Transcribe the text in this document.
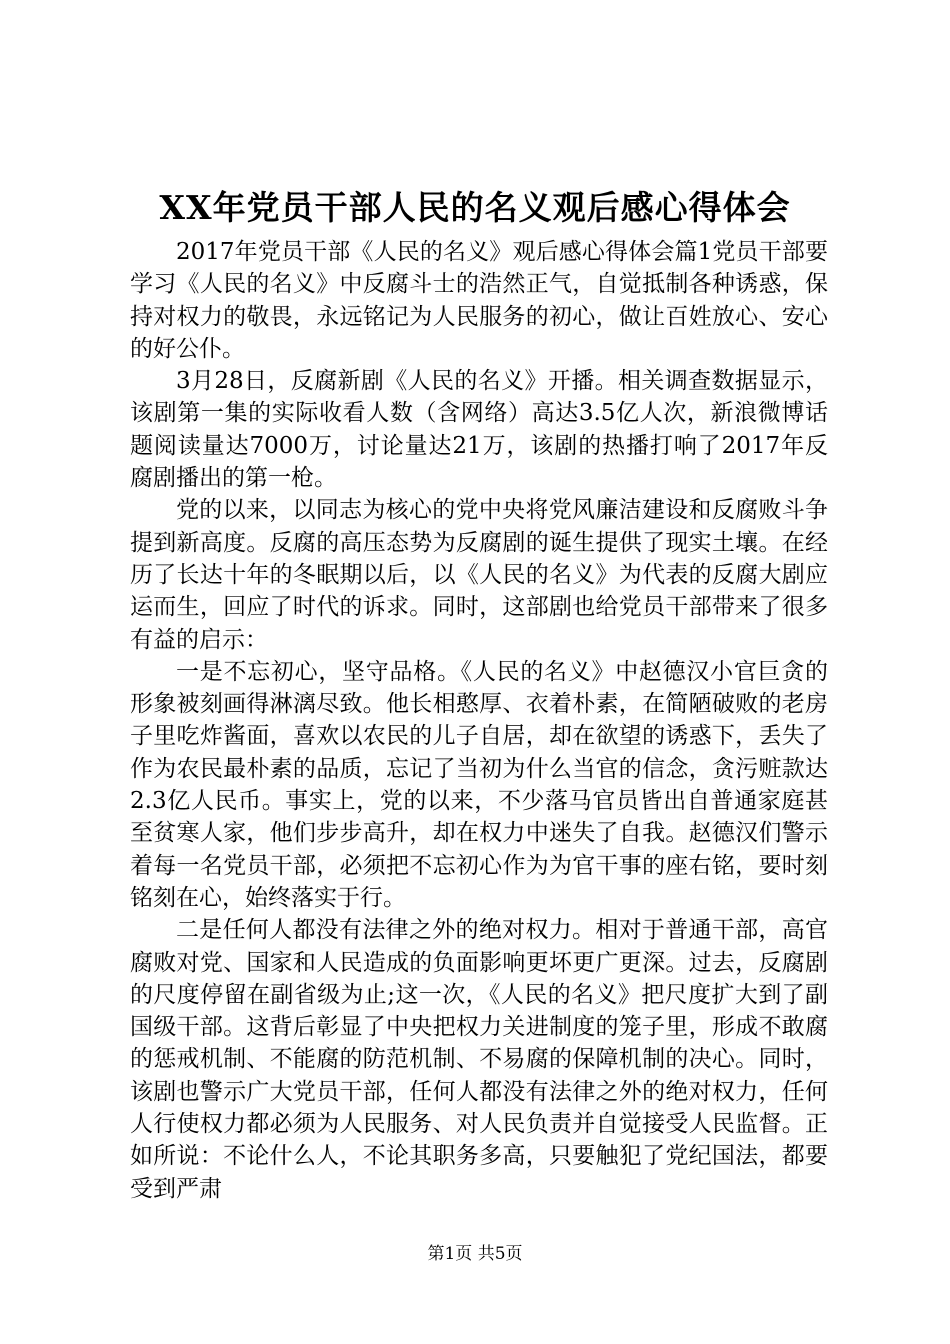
XX年党员干部人民的名义观后感心得体会

2017年党员干部《人民的名义》观后感心得体会篇1党员干部要学习《人民的名义》中反腐斗士的浩然正气，自觉抵制各种诱惑，保持对权力的敬畏，永远铭记为人民服务的初心，做让百姓放心、安心的好公仆。

3月28日，反腐新剧《人民的名义》开播。相关调查数据显示，该剧第一集的实际收看人数（含网络）高达3.5亿人次，新浪微博话题阅读量达7000万，讨论量达21万，该剧的热播打响了2017年反腐剧播出的第一枪。

党的以来，以同志为核心的党中央将党风廉洁建设和反腐败斗争提到新高度。反腐的高压态势为反腐剧的诞生提供了现实土壤。在经历了长达十年的冬眠期以后，以《人民的名义》为代表的反腐大剧应运而生，回应了时代的诉求。同时，这部剧也给党员干部带来了很多有益的启示：

一是不忘初心，坚守品格。《人民的名义》中赵德汉小官巨贪的形象被刻画得淋漓尽致。他长相憨厚、衣着朴素，在简陋破败的老房子里吃炸酱面，喜欢以农民的儿子自居，却在欲望的诱惑下，丢失了作为农民最朴素的品质，忘记了当初为什么当官的信念，贪污赃款达2.3亿人民币。事实上，党的以来，不少落马官员皆出自普通家庭甚至贫寒人家，他们步步高升，却在权力中迷失了自我。赵德汉们警示着每一名党员干部，必须把不忘初心作为为官干事的座右铭，要时刻铭刻在心，始终落实于行。

二是任何人都没有法律之外的绝对权力。相对于普通干部，高官腐败对党、国家和人民造成的负面影响更坏更广更深。过去，反腐剧的尺度停留在副省级为止;这一次，《人民的名义》把尺度扩大到了副国级干部。这背后彰显了中央把权力关进制度的笼子里，形成不敢腐的惩戒机制、不能腐的防范机制、不易腐的保障机制的决心。同时，该剧也警示广大党员干部，任何人都没有法律之外的绝对权力，任何人行使权力都必须为人民服务、对人民负责并自觉接受人民监督。正如所说：不论什么人，不论其职务多高，只要触犯了党纪国法，都要受到严肃

第1页 共5页
